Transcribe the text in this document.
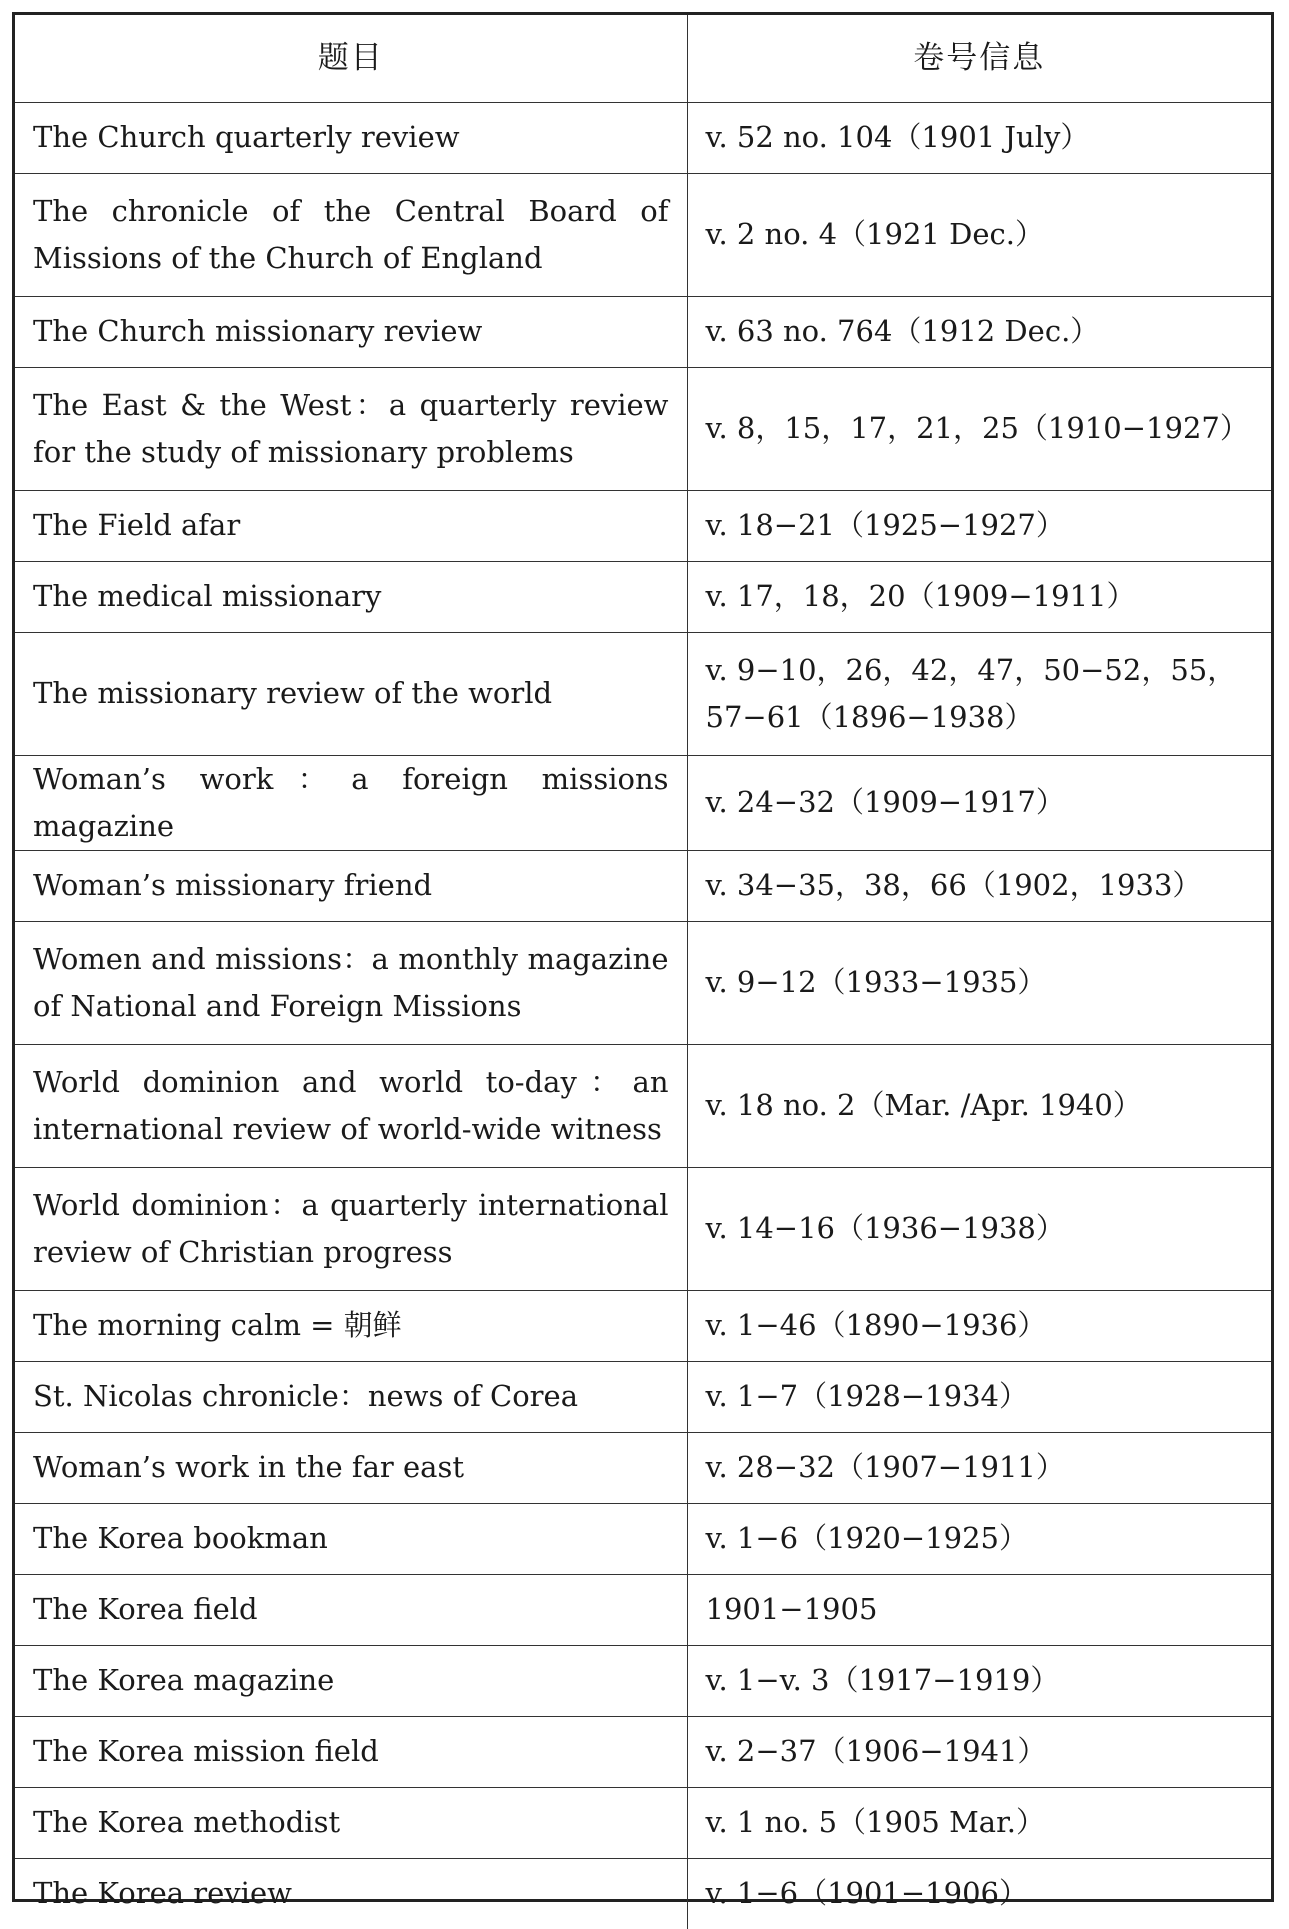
题目	卷号信息
The Church quarterly review	v. 52 no. 104（1901 July）
The chronicle of the Central Board of Missions of the Church of England	v. 2 no. 4（1921 Dec.）
The Church missionary review	v. 63 no. 764（1912 Dec.）
The East & the West：a quarterly review for the study of missionary problems	v. 8，15，17，21，25（1910−1927）
The Field afar	v. 18−21（1925−1927）
The medical missionary	v. 17，18，20（1909−1911）
The missionary review of the world	v. 9−10，26，42，47，50−52，55，57−61（1896−1938）
Woman’s work：a foreign missions magazine	v. 24−32（1909−1917）
Woman’s missionary friend	v. 34−35，38，66（1902，1933）
Women and missions：a monthly magazine of National and Foreign Missions	v. 9−12（1933−1935）
World dominion and world to-day：an international review of world-wide witness	v. 18 no. 2（Mar. /Apr. 1940）
World dominion：a quarterly international review of Christian progress	v. 14−16（1936−1938）
The morning calm = 朝鲜	v. 1−46（1890−1936）
St. Nicolas chronicle：news of Corea	v. 1−7（1928−1934）
Woman’s work in the far east	v. 28−32（1907−1911）
The Korea bookman	v. 1−6（1920−1925）
The Korea field	1901−1905
The Korea magazine	v. 1−v. 3（1917−1919）
The Korea mission field	v. 2−37（1906−1941）
The Korea methodist	v. 1 no. 5（1905 Mar.）
The Korea review	v. 1−6（1901−1906）
